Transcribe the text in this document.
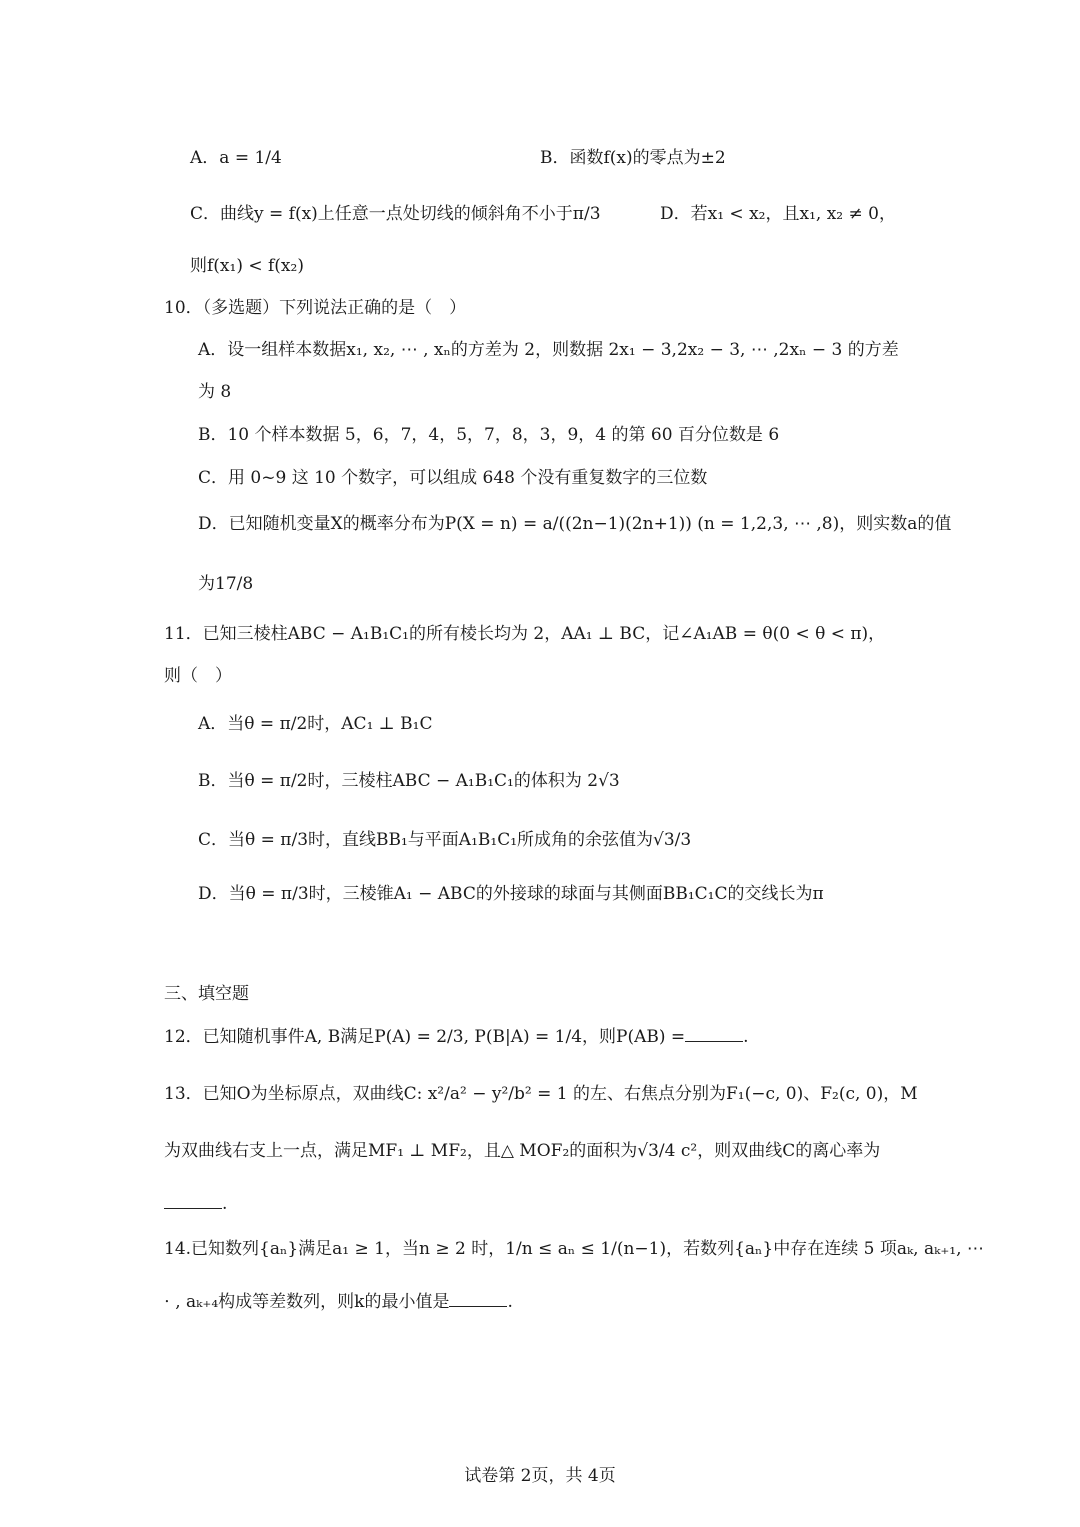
A．a = 1/4	B．函数f(x)的零点为±2
C．曲线y = f(x)上任意一点处切线的倾斜角不小于π/3	D．若x₁ < x₂，且x₁, x₂ ≠ 0，
则f(x₁) < f(x₂)
10．（多选题）下列说法正确的是（　）
A．设一组样本数据x₁, x₂, ⋯ , xₙ的方差为 2，则数据 2x₁ − 3,2x₂ − 3, ⋯ ,2xₙ − 3 的方差
为 8
B．10 个样本数据 5，6，7，4，5，7，8，3，9，4 的第 60 百分位数是 6
C．用 0~9 这 10 个数字，可以组成 648 个没有重复数字的三位数
D．已知随机变量X的概率分布为P(X = n) = a/((2n−1)(2n+1)) (n = 1,2,3, ⋯ ,8)，则实数a的值
为17/8
11．已知三棱柱ABC − A₁B₁C₁的所有棱长均为 2，AA₁ ⊥ BC，记∠A₁AB = θ(0 < θ < π)，
则（　）
A．当θ = π/2时，AC₁ ⊥ B₁C
B．当θ = π/2时，三棱柱ABC − A₁B₁C₁的体积为 2√3
C．当θ = π/3时，直线BB₁与平面A₁B₁C₁所成角的余弦值为√3/3
D．当θ = π/3时，三棱锥A₁ − ABC的外接球的球面与其侧面BB₁C₁C的交线长为π
三、填空题
12．已知随机事件A, B满足P(A) = 2/3, P(B|A) = 1/4，则P(AB) =	.
13．已知O为坐标原点，双曲线C: x²/a² − y²/b² = 1 的左、右焦点分别为F₁(−c, 0)、F₂(c, 0)，M
为双曲线右支上一点，满足MF₁ ⊥ MF₂，且△ MOF₂的面积为√3/4 c²，则双曲线C的离心率为
.
14.已知数列{aₙ}满足a₁ ≥ 1，当n ≥ 2 时，1/n ≤ aₙ ≤ 1/(n−1)，若数列{aₙ}中存在连续 5 项aₖ, aₖ₊₁, ⋯
⋅ , aₖ₊₄构成等差数列，则k的最小值是	.
试卷第 2页，共 4页
